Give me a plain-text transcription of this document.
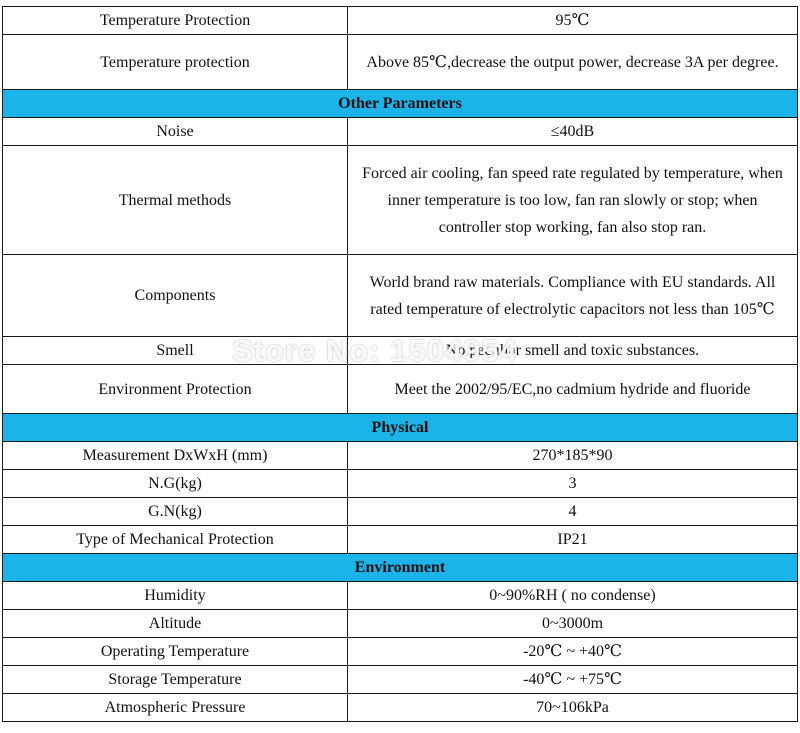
Temperature Protection	95℃
Temperature protection	Above 85℃,decrease the output power, decrease 3A per degree.
Other Parameters	
Noise	≤40dB
Thermal methods	Forced air cooling, fan speed rate regulated by temperature, when inner temperature is too low, fan ran slowly or stop; when controller stop working, fan also stop ran.
Components	World brand raw materials. Compliance with EU standards. All rated temperature of electrolytic capacitors not less than 105℃
Smell	No peculiar smell and toxic substances.
Environment Protection	Meet the 2002/95/EC,no cadmium hydride and fluoride
Physical	
Measurement DxWxH (mm)	270*185*90
N.G(kg)	3
G.N(kg)	4
Type of Mechanical Protection	IP21
Environment	
Humidity	0~90%RH ( no condense)
Altitude	0~3000m
Operating Temperature	-20℃ ~ +40℃
Storage Temperature	-40℃ ~ +75℃
Atmospheric Pressure	70~106kPa
Store No: 1504954
